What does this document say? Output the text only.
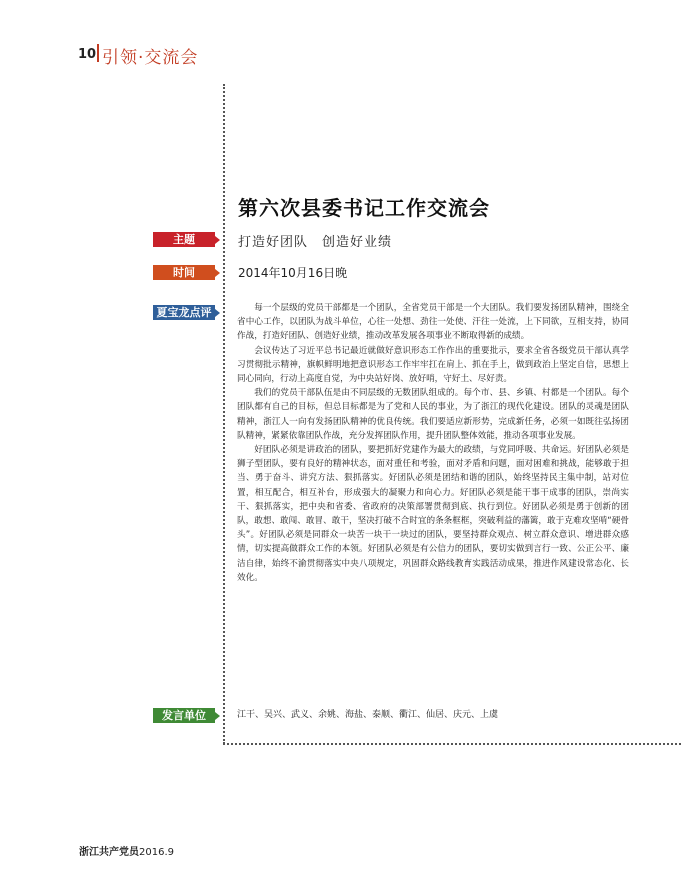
10 引领·交流会
第六次县委书记工作交流会
主题	打造好团队　创造好业绩
时间	2014年10月16日晚
夏宝龙点评	每一个层级的党员干部都是一个团队，全省党员干部是一个大团队。我们要发扬团队精神，围绕全省中心工作，以团队为战斗单位，心往一处想、劲往一处使、汗往一处流，上下同欲，互相支持，协同作战，打造好团队、创造好业绩，推动改革发展各项事业不断取得新的成绩。

会议传达了习近平总书记最近就做好意识形态工作作出的重要批示，要求全省各级党员干部认真学习贯彻批示精神，旗帜鲜明地把意识形态工作牢牢扛在肩上、抓在手上，做到政治上坚定自信，思想上同心同向，行动上高度自觉，为中央站好岗、放好哨，守好土、尽好责。

我们的党员干部队伍是由不同层级的无数团队组成的。每个市、县、乡镇、村都是一个团队。每个团队都有自己的目标，但总目标都是为了党和人民的事业，为了浙江的现代化建设。团队的灵魂是团队精神，浙江人一向有发扬团队精神的优良传统。我们要适应新形势，完成新任务，必须一如既往弘扬团队精神，紧紧依靠团队作战，充分发挥团队作用，提升团队整体效能，推动各项事业发展。

好团队必须是讲政治的团队，要把抓好党建作为最大的政绩，与党同呼吸、共命运。好团队必须是狮子型团队，要有良好的精神状态，面对重任和考验，面对矛盾和问题，面对困难和挑战，能够敢于担当、勇于奋斗、讲究方法、狠抓落实。好团队必须是团结和谐的团队，始终坚持民主集中制，站对位置，相互配合，相互补台，形成强大的凝聚力和向心力。好团队必须是能干事干成事的团队，崇尚实干、狠抓落实，把中央和省委、省政府的决策部署贯彻到底、执行到位。好团队必须是勇于创新的团队，敢想、敢闯、敢冒、敢干，坚决打破不合时宜的条条框框，突破利益的藩篱，敢于克难攻坚啃“硬骨头”。好团队必须是同群众一块苦一块干一块过的团队，要坚持群众观点、树立群众意识、增进群众感情，切实提高做群众工作的本领。好团队必须是有公信力的团队，要切实做到言行一致、公正公平、廉洁自律，始终不渝贯彻落实中央八项规定，巩固群众路线教育实践活动成果，推进作风建设常态化、长效化。

发言单位	江干、吴兴、武义、余姚、海盐、泰顺、衢江、仙居、庆元、上虞
浙江共产党员2016.9
